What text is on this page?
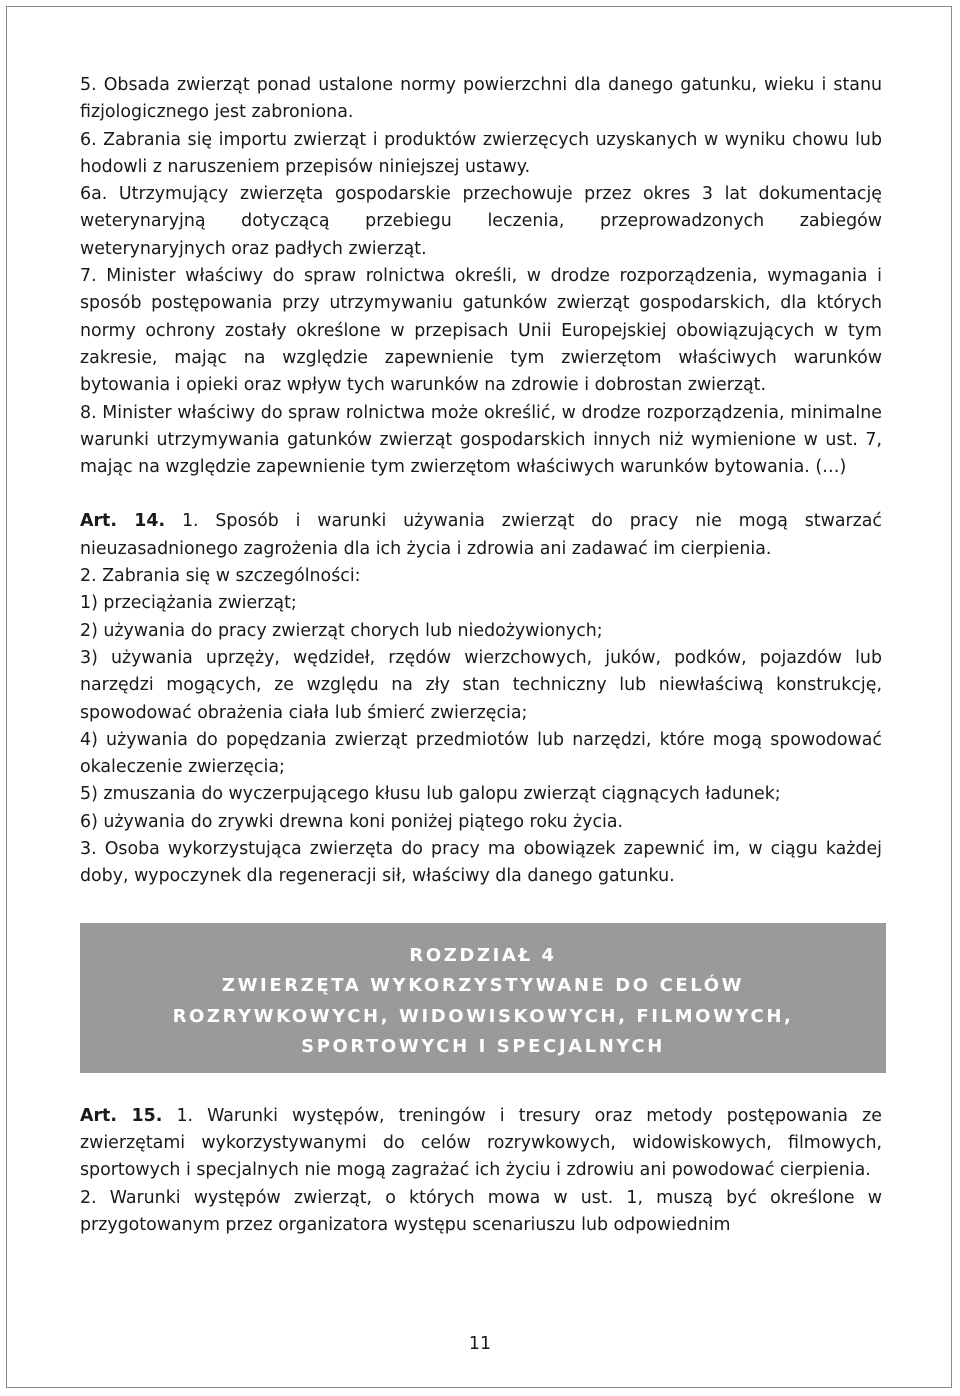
5. Obsada zwierząt ponad ustalone normy powierzchni dla danego gatunku, wieku i stanu fizjologicznego jest zabroniona.

6. Zabrania się importu zwierząt i produktów zwierzęcych uzyskanych w wyniku chowu lub hodowli z naruszeniem przepisów niniejszej ustawy.

6a. Utrzymujący zwierzęta gospodarskie przechowuje przez okres 3 lat dokumentację weterynaryjną dotyczącą przebiegu leczenia, przeprowadzonych zabiegów weterynaryjnych oraz padłych zwierząt.

7. Minister właściwy do spraw rolnictwa określi, w drodze rozporządzenia, wymagania i sposób postępowania przy utrzymywaniu gatunków zwierząt gospodarskich, dla których normy ochrony zostały określone w przepisach Unii Europejskiej obowiązujących w tym zakresie, mając na względzie zapewnienie tym zwierzętom właściwych warunków bytowania i opieki oraz wpływ tych warunków na zdrowie i dobrostan zwierząt.

8. Minister właściwy do spraw rolnictwa może określić, w drodze rozporządzenia, minimalne warunki utrzymywania gatunków zwierząt gospodarskich innych niż wymienione w ust. 7, mając na względzie zapewnienie tym zwierzętom właściwych warunków bytowania. (…)

Art. 14. 1. Sposób i warunki używania zwierząt do pracy nie mogą stwarzać nieuzasadnionego zagrożenia dla ich życia i zdrowia ani zadawać im cierpienia.

2. Zabrania się w szczególności:

1) przeciążania zwierząt;

2) używania do pracy zwierząt chorych lub niedożywionych;

3) używania uprzęży, wędzideł, rzędów wierzchowych, juków, podków, pojazdów lub narzędzi mogących, ze względu na zły stan techniczny lub niewłaściwą konstrukcję, spowodować obrażenia ciała lub śmierć zwierzęcia;

4) używania do popędzania zwierząt przedmiotów lub narzędzi, które mogą spowodować okaleczenie zwierzęcia;

5) zmuszania do wyczerpującego kłusu lub galopu zwierząt ciągnących ładunek;

6) używania do zrywki drewna koni poniżej piątego roku życia.

3. Osoba wykorzystująca zwierzęta do pracy ma obowiązek zapewnić im, w ciągu każdej doby, wypoczynek dla regeneracji sił, właściwy dla danego gatunku.

ROZDZIAŁ 4
ZWIERZĘTA WYKORZYSTYWANE DO CELÓW
ROZRYWKOWYCH, WIDOWISKOWYCH, FILMOWYCH,
SPORTOWYCH I SPECJALNYCH

Art. 15. 1. Warunki występów, treningów i tresury oraz metody postępowania ze zwierzętami wykorzystywanymi do celów rozrywkowych, widowiskowych, filmowych, sportowych i specjalnych nie mogą zagrażać ich życiu i zdrowiu ani powodować cierpienia.

2. Warunki występów zwierząt, o których mowa w ust. 1, muszą być określone w przygotowanym przez organizatora występu scenariuszu lub odpowiednim

11
